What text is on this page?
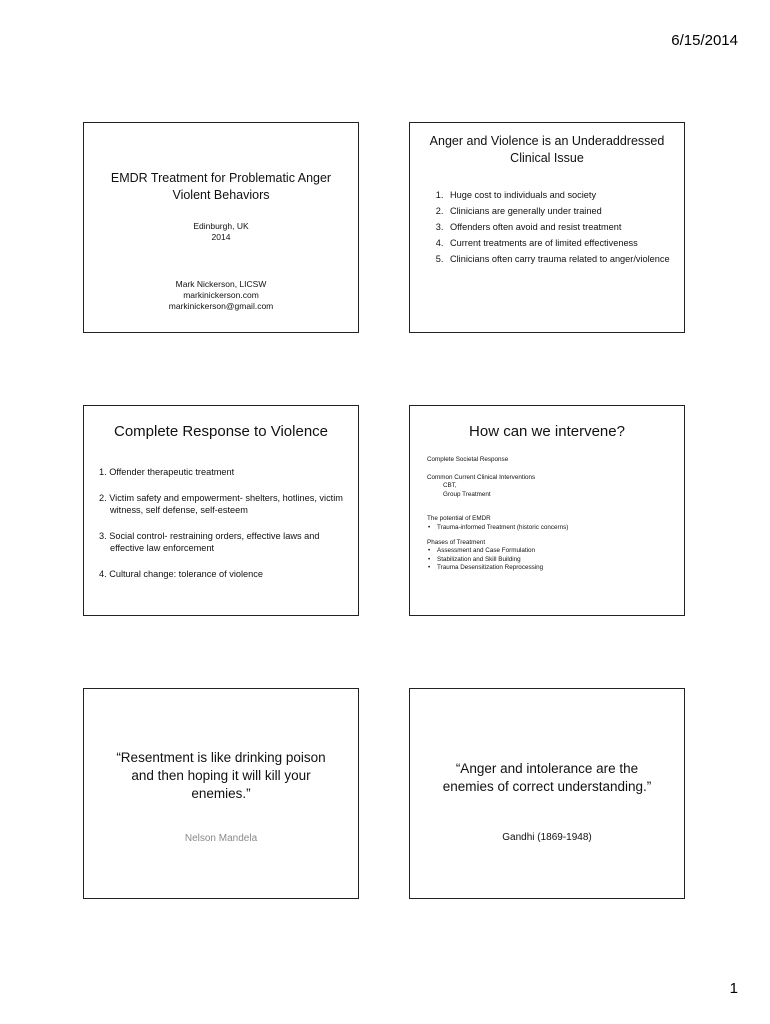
6/15/2014
EMDR Treatment for Problematic Anger
Violent Behaviors
Edinburgh, UK
2014
Mark Nickerson, LICSW
markinickerson.com
markinickerson@gmail.com
Anger and Violence is an Underaddressed Clinical Issue
1. Huge cost to individuals and society
2. Clinicians are generally under trained
3. Offenders often avoid and resist treatment
4. Current treatments are of limited effectiveness
5. Clinicians often carry trauma related to anger/violence
Complete Response to Violence
1. Offender therapeutic treatment
2. Victim safety and empowerment- shelters, hotlines, victim witness, self defense, self-esteem
3. Social control- restraining orders, effective laws and effective law enforcement
4. Cultural change: tolerance of violence
How can we intervene?
Complete Societal Response
Common Current Clinical Interventions
CBT,
Group Treatment
The potential of EMDR
• Trauma-informed Treatment (historic concerns)
Phases of Treatment
• Assessment and Case Formulation
• Stabilization and Skill Building
• Trauma Desensitization Reprocessing
“Resentment is like drinking poison and then hoping it will kill your enemies.”
Nelson Mandela
“Anger and intolerance are the enemies of correct understanding.”
Gandhi (1869-1948)
1
